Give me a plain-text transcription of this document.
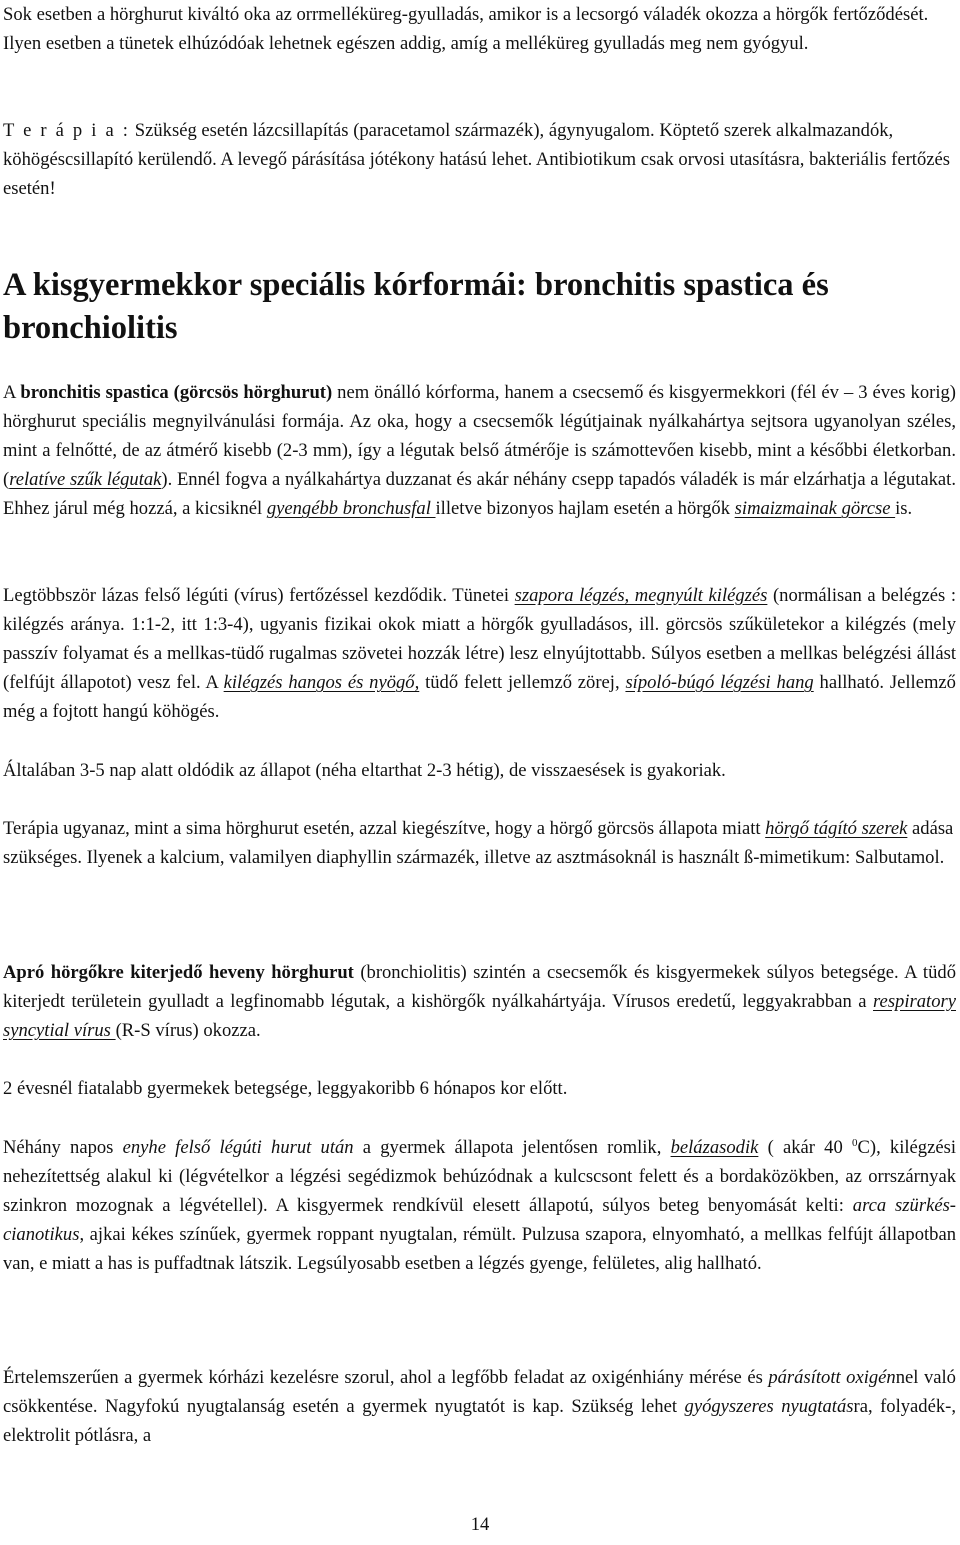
Sok esetben a hörghurut kiváltó oka az orrmelléküreg-gyulladás, amikor is a lecsorgó váladék okozza a hörgők fertőződését. Ilyen esetben a tünetek elhúzódóak lehetnek egészen addig, amíg a melléküreg gyulladás meg nem gyógyul.

T e r á p i a : Szükség esetén lázcsillapítás (paracetamol származék), ágynyugalom. Köptető szerek alkalmazandók, köhögéscsillapító kerülendő. A levegő párásítása jótékony hatású lehet. Antibiotikum csak orvosi utasításra, bakteriális fertőzés esetén!

A kisgyermekkor speciális kórformái: bronchitis spastica és bronchiolitis

A bronchitis spastica (görcsös hörghurut) nem önálló kórforma, hanem a csecsemő és kisgyermekkori (fél év – 3 éves korig) hörghurut speciális megnyilvánulási formája. Az oka, hogy a csecsemők légútjainak nyálkahártya sejtsora ugyanolyan széles, mint a felnőtté, de az átmérő kisebb (2-3 mm), így a légutak belső átmérője is számottevően kisebb, mint a későbbi életkorban. (relatíve szűk légutak). Ennél fogva a nyálkahártya duzzanat és akár néhány csepp tapadós váladék is már elzárhatja a légutakat. Ehhez járul még hozzá, a kicsiknél gyengébb bronchusfal illetve bizonyos hajlam esetén a hörgők simaizmainak görcse is.

Legtöbbször lázas felső légúti (vírus) fertőzéssel kezdődik. Tünetei szapora légzés, megnyúlt kilégzés (normálisan a belégzés : kilégzés aránya. 1:1-2, itt 1:3-4), ugyanis fizikai okok miatt a hörgők gyulladásos, ill. görcsös szűkületekor a kilégzés (mely passzív folyamat és a mellkas-tüdő rugalmas szövetei hozzák létre) lesz elnyújtottabb. Súlyos esetben a mellkas belégzési állást (felfújt állapotot) vesz fel. A kilégzés hangos és nyögő, tüdő felett jellemző zörej, sípoló-búgó légzési hang hallható. Jellemző még a fojtott hangú köhögés.

Általában 3-5 nap alatt oldódik az állapot (néha eltarthat 2-3 hétig), de visszaesések is gyakoriak.

Terápia ugyanaz, mint a sima hörghurut esetén, azzal kiegészítve, hogy a hörgő görcsös állapota miatt hörgő tágító szerek adása szükséges. Ilyenek a kalcium, valamilyen diaphyllin származék, illetve az asztmásoknál is használt ß-mimetikum: Salbutamol.

Apró hörgőkre kiterjedő heveny hörghurut (bronchiolitis) szintén a csecsemők és kisgyermekek súlyos betegsége. A tüdő kiterjedt területein gyulladt a legfinomabb légutak, a kishörgők nyálkahártyája. Vírusos eredetű, leggyakrabban a respiratory syncytial vírus (R-S vírus) okozza.

2 évesnél fiatalabb gyermekek betegsége, leggyakoribb 6 hónapos kor előtt.

Néhány napos enyhe felső légúti hurut után a gyermek állapota jelentősen romlik, belázasodik ( akár 40 $^0$C), kilégzési nehezítettség alakul ki (légvételkor a légzési segédizmok behúzódnak a kulcscsont felett és a bordaközökben, az orrszárnyak szinkron mozognak a légvétellel). A kisgyermek rendkívül elesett állapotú, súlyos beteg benyomását kelti: arca szürkés-cianotikus, ajkai kékes színűek, gyermek roppant nyugtalan, rémült. Pulzusa szapora, elnyomható, a mellkas felfújt állapotban van, e miatt a has is puffadtnak látszik. Legsúlyosabb esetben a légzés gyenge, felületes, alig hallható.

Értelemszerűen a gyermek kórházi kezelésre szorul, ahol a legfőbb feladat az oxigénhiány mérése és párásított oxigénnel való csökkentése. Nagyfokú nyugtalanság esetén a gyermek nyugtatót is kap. Szükség lehet gyógyszeres nyugtatásra, folyadék-, elektrolit pótlásra, a

14
